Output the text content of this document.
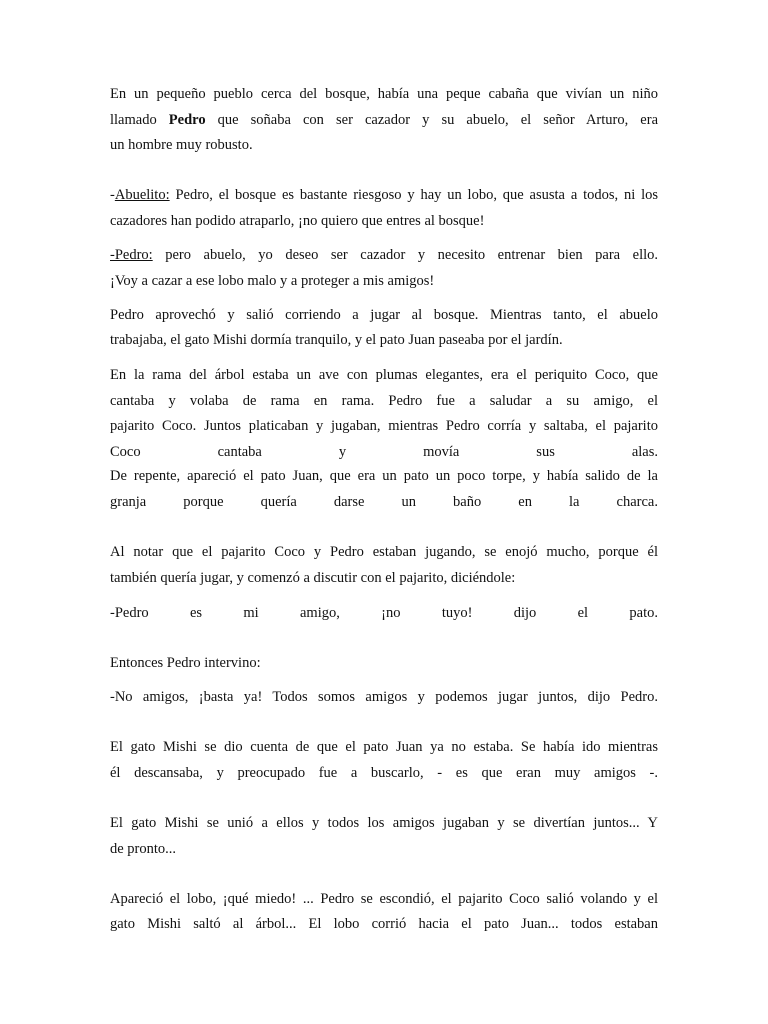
En un pequeño pueblo cerca del bosque, había una peque cabaña que vivían un niño
llamado Pedro que soñaba con ser cazador y su abuelo, el señor Arturo, era
un hombre muy robusto.
-Abuelito: Pedro, el bosque es bastante riesgoso y hay un lobo, que asusta a todos, ni los
cazadores han podido atraparlo, ¡no quiero que entres al bosque!
-Pedro: pero abuelo, yo deseo ser cazador y necesito entrenar bien para ello.
¡Voy a cazar a ese lobo malo y a proteger a mis amigos!
Pedro aprovechó y salió corriendo a jugar al bosque. Mientras tanto, el abuelo
trabajaba, el gato Mishi dormía tranquilo, y el pato Juan paseaba por el jardín.
En la rama del árbol estaba un ave con plumas elegantes, era el periquito Coco, que
cantaba y volaba de rama en rama. Pedro fue a saludar a su amigo, el
pajarito Coco. Juntos platicaban y jugaban, mientras Pedro corría y saltaba, el pajarito
Coco cantaba y movía sus alas.
De repente, apareció el pato Juan, que era un pato un poco torpe, y había salido de la
granja porque quería darse un baño en la charca.
Al notar que el pajarito Coco y Pedro estaban jugando, se enojó mucho, porque él
también quería jugar, y comenzó a discutir con el pajarito, diciéndole:
-Pedro es mi amigo, ¡no tuyo! dijo el pato.
Entonces Pedro intervino:
-No amigos, ¡basta ya! Todos somos amigos y podemos jugar juntos, dijo Pedro.
El gato Mishi se dio cuenta de que el pato Juan ya no estaba. Se había ido mientras
él descansaba, y preocupado fue a buscarlo, - es que eran muy amigos -.
El gato Mishi se unió a ellos y todos los amigos jugaban y se divertían juntos... Y
de pronto...
Apareció el lobo, ¡qué miedo! ... Pedro se escondió, el pajarito Coco salió volando y el
gato Mishi saltó al árbol... El lobo corrió hacia el pato Juan... todos estaban
